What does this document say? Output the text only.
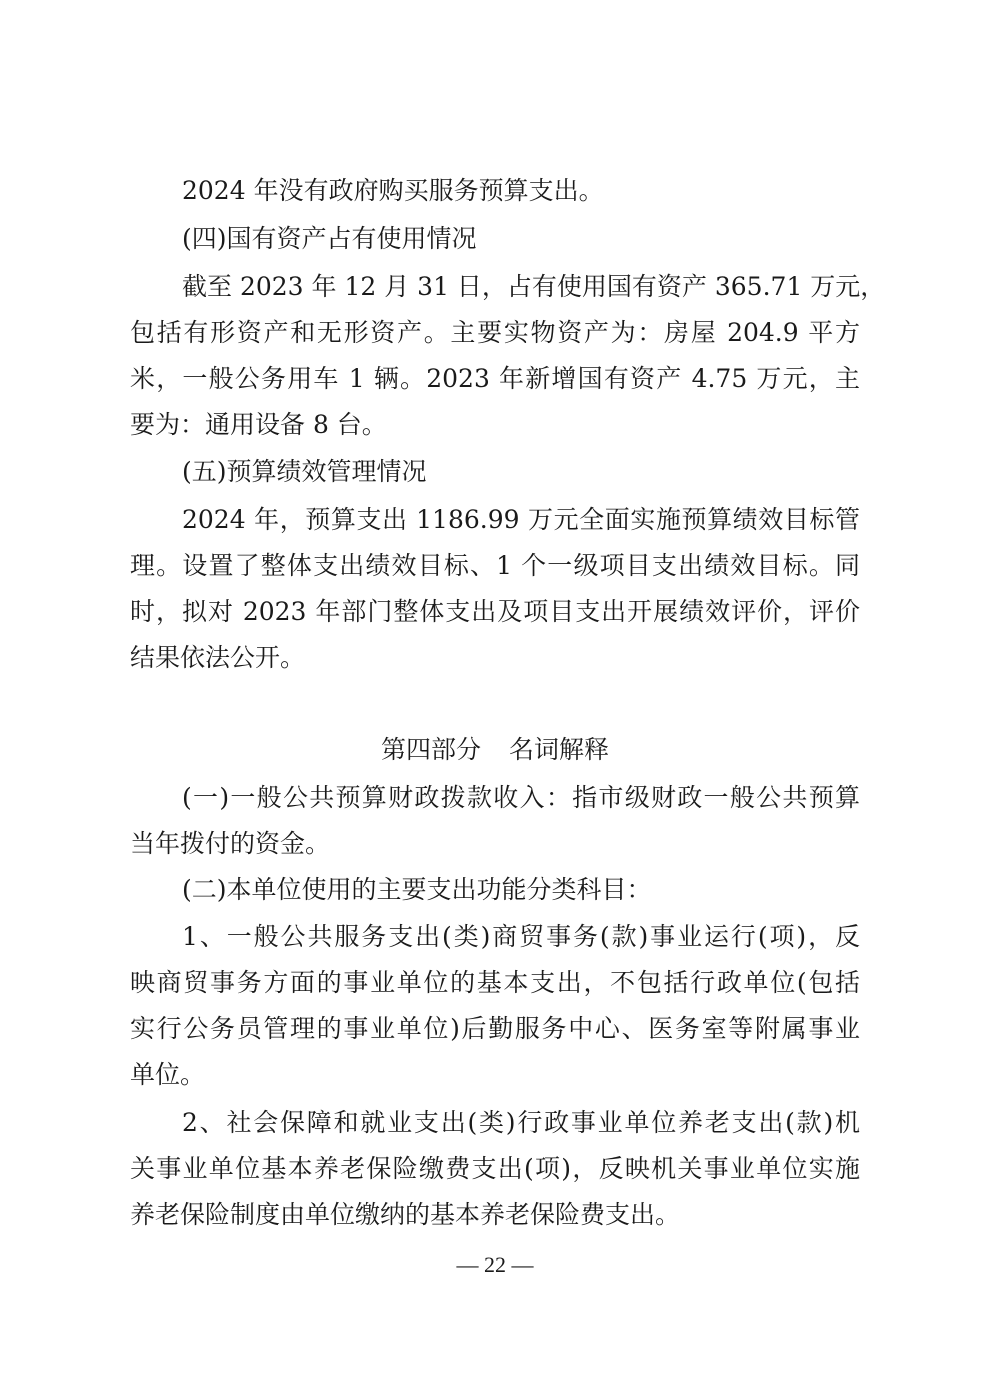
2024 年没有政府购买服务预算支出。
(四)国有资产占有使用情况
截至 2023 年 12 月 31 日，占有使用国有资产 365.71 万元，
包括有形资产和无形资产。主要实物资产为：房屋 204.9 平方
米，一般公务用车 1 辆。2023 年新增国有资产 4.75 万元，主
要为：通用设备 8 台。
(五)预算绩效管理情况
2024 年，预算支出 1186.99 万元全面实施预算绩效目标管
理。设置了整体支出绩效目标、1 个一级项目支出绩效目标。同
时，拟对 2023 年部门整体支出及项目支出开展绩效评价，评价
结果依法公开。
第四部分 名词解释
(一)一般公共预算财政拨款收入：指市级财政一般公共预算
当年拨付的资金。
(二)本单位使用的主要支出功能分类科目：
1、一般公共服务支出(类)商贸事务(款)事业运行(项)，反
映商贸事务方面的事业单位的基本支出，不包括行政单位(包括
实行公务员管理的事业单位)后勤服务中心、医务室等附属事业
单位。
2、社会保障和就业支出(类)行政事业单位养老支出(款)机
关事业单位基本养老保险缴费支出(项)，反映机关事业单位实施
养老保险制度由单位缴纳的基本养老保险费支出。
— 22 —
